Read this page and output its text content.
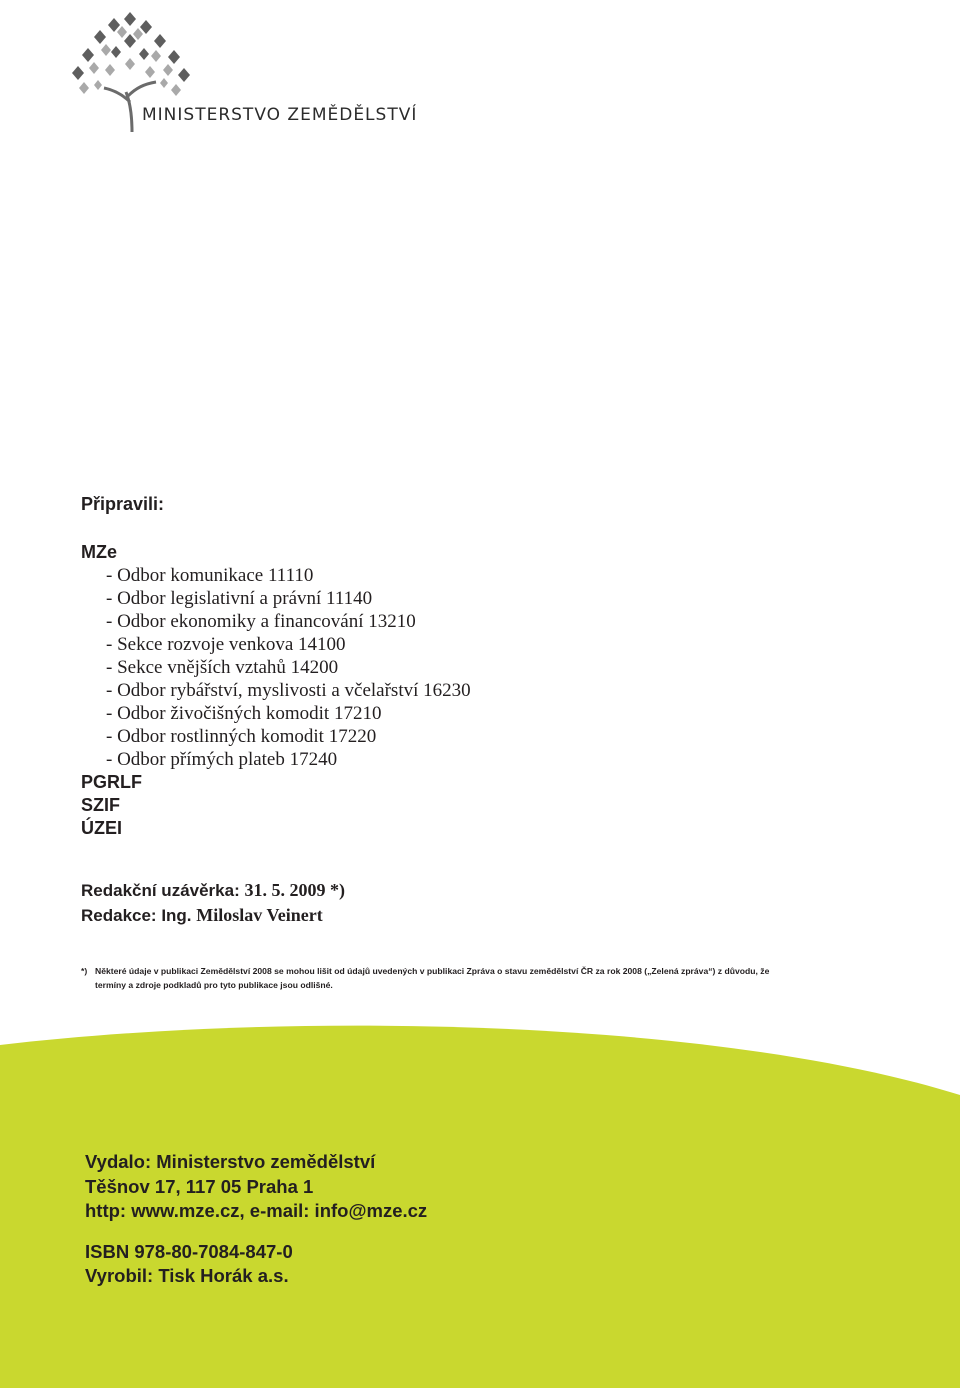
MINISTERSTVO ZEMĚDĚLSTVÍ
Připravili:
MZe
- Odbor komunikace 11110
- Odbor legislativní a právní 11140
- Odbor ekonomiky a financování 13210
- Sekce rozvoje venkova 14100
- Sekce vnějších vztahů 14200
- Odbor rybářství, myslivosti a včelařství 16230
- Odbor živočišných komodit 17210
- Odbor rostlinných komodit 17220
- Odbor přímých plateb 17240
PGRLF
SZIF
ÚZEI
Redakční uzávěrka: 31. 5. 2009 *)
Redakce: Ing. Miloslav Veinert
*) Některé údaje v publikaci Zemědělství 2008 se mohou lišit od údajů uvedených v publikaci Zpráva o stavu zemědělství ČR za rok 2008 („Zelená zpráva“) z důvodu, že termíny a zdroje podkladů pro tyto publikace jsou odlišné.
Vydalo: Ministerstvo zemědělství
Těšnov 17, 117 05 Praha 1
http: www.mze.cz, e-mail: info@mze.cz
ISBN 978-80-7084-847-0
Vyrobil: Tisk Horák a.s.
